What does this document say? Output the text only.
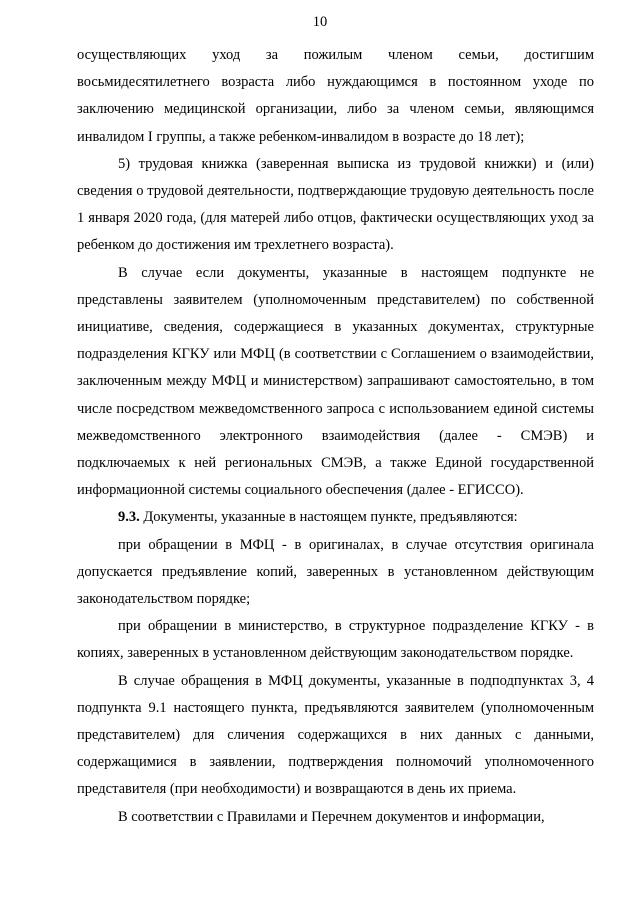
10

осуществляющих уход за пожилым членом семьи, достигшим восьмидесятилетнего возраста либо нуждающимся в постоянном уходе по заключению медицинской организации, либо за членом семьи, являющимся инвалидом I группы, а также ребенком-инвалидом в возрасте до 18 лет);

5) трудовая книжка (заверенная выписка из трудовой книжки) и (или) сведения о трудовой деятельности, подтверждающие трудовую деятельность после 1 января 2020 года, (для матерей либо отцов, фактически осуществляющих уход за ребенком до достижения им трехлетнего возраста).

В случае если документы, указанные в настоящем подпункте не представлены заявителем (уполномоченным представителем) по собственной инициативе, сведения, содержащиеся в указанных документах, структурные подразделения КГКУ или МФЦ (в соответствии с Соглашением о взаимодействии, заключенным между МФЦ и министерством) запрашивают самостоятельно, в том числе посредством межведомственного запроса с использованием единой системы межведомственного электронного взаимодействия (далее - СМЭВ) и подключаемых к ней региональных СМЭВ, а также Единой государственной информационной системы социального обеспечения (далее - ЕГИССО).

9.3. Документы, указанные в настоящем пункте, предъявляются:

при обращении в МФЦ - в оригиналах, в случае отсутствия оригинала допускается предъявление копий, заверенных в установленном действующим законодательством порядке;

при обращении в министерство, в структурное подразделение КГКУ - в копиях, заверенных в установленном действующим законодательством порядке.

В случае обращения в МФЦ документы, указанные в подподпунктах 3, 4 подпункта 9.1 настоящего пункта, предъявляются заявителем (уполномоченным представителем) для сличения содержащихся в них данных с данными, содержащимися в заявлении, подтверждения полномочий уполномоченного представителя (при необходимости) и возвращаются в день их приема.

В соответствии с Правилами и Перечнем документов и информации,
